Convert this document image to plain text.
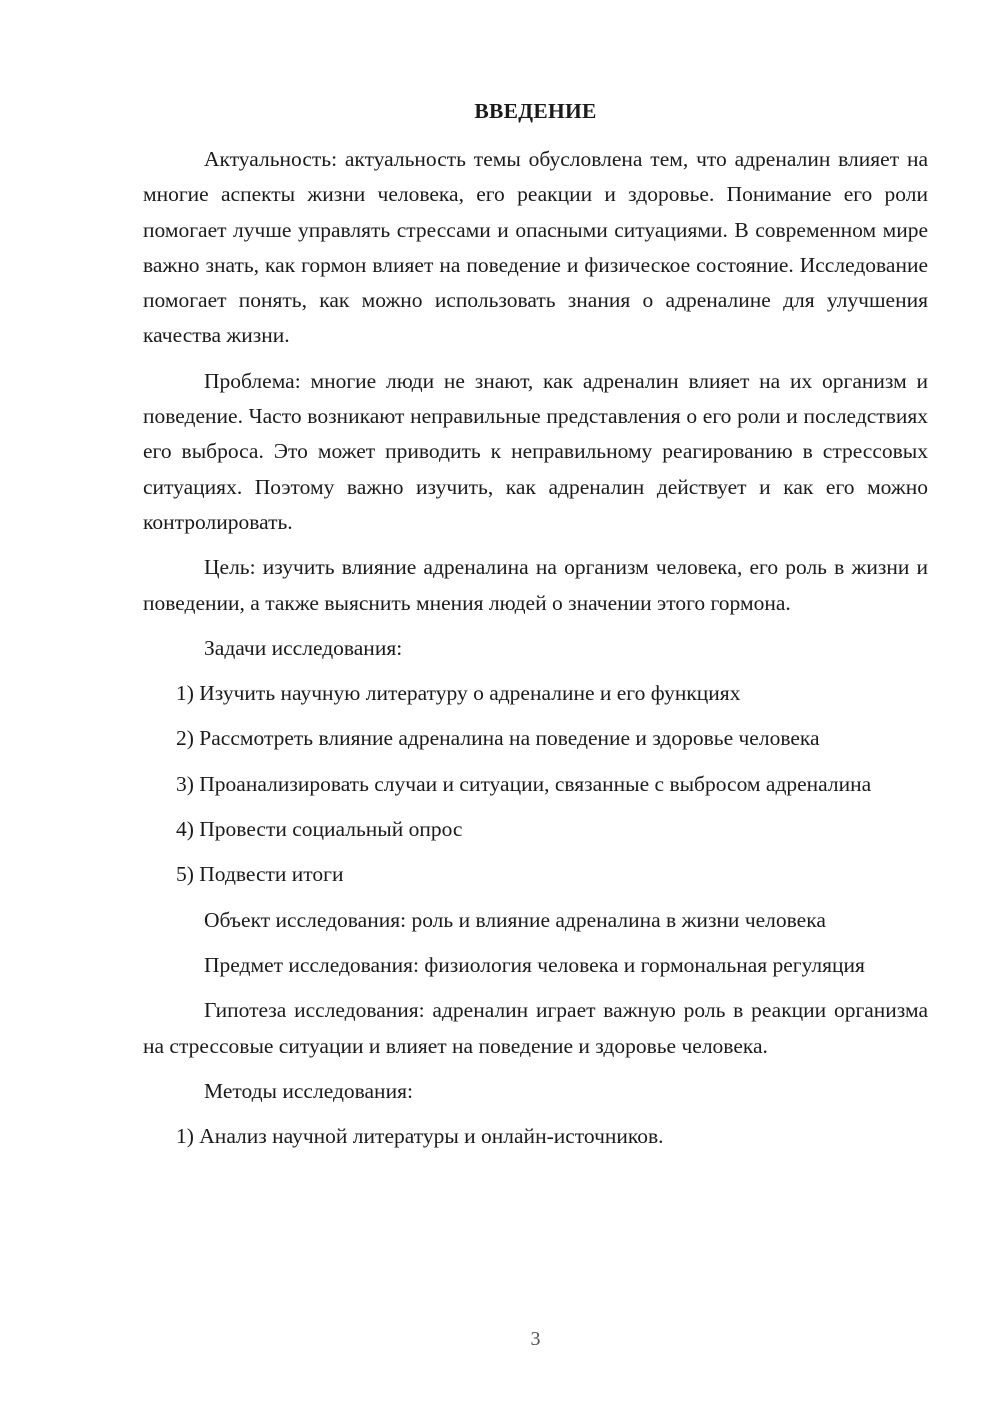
ВВЕДЕНИЕ

Актуальность: актуальность темы обусловлена тем, что адреналин влияет на многие аспекты жизни человека, его реакции и здоровье. Понимание его роли помогает лучше управлять стрессами и опасными ситуациями. В современном мире важно знать, как гормон влияет на поведение и физическое состояние. Исследование помогает понять, как можно использовать знания о адреналине для улучшения качества жизни.

Проблема: многие люди не знают, как адреналин влияет на их организм и поведение. Часто возникают неправильные представления о его роли и последствиях его выброса. Это может приводить к неправильному реагированию в стрессовых ситуациях. Поэтому важно изучить, как адреналин действует и как его можно контролировать.

Цель: изучить влияние адреналина на организм человека, его роль в жизни и поведении, а также выяснить мнения людей о значении этого гормона.

Задачи исследования:

1) Изучить научную литературу о адреналине и его функциях

2) Рассмотреть влияние адреналина на поведение и здоровье человека

3) Проанализировать случаи и ситуации, связанные с выбросом адреналина

4) Провести социальный опрос

5) Подвести итоги

Объект исследования: роль и влияние адреналина в жизни человека

Предмет исследования: физиология человека и гормональная регуляция

Гипотеза исследования: адреналин играет важную роль в реакции организма на стрессовые ситуации и влияет на поведение и здоровье человека.

Методы исследования:

1) Анализ научной литературы и онлайн-источников.

3
